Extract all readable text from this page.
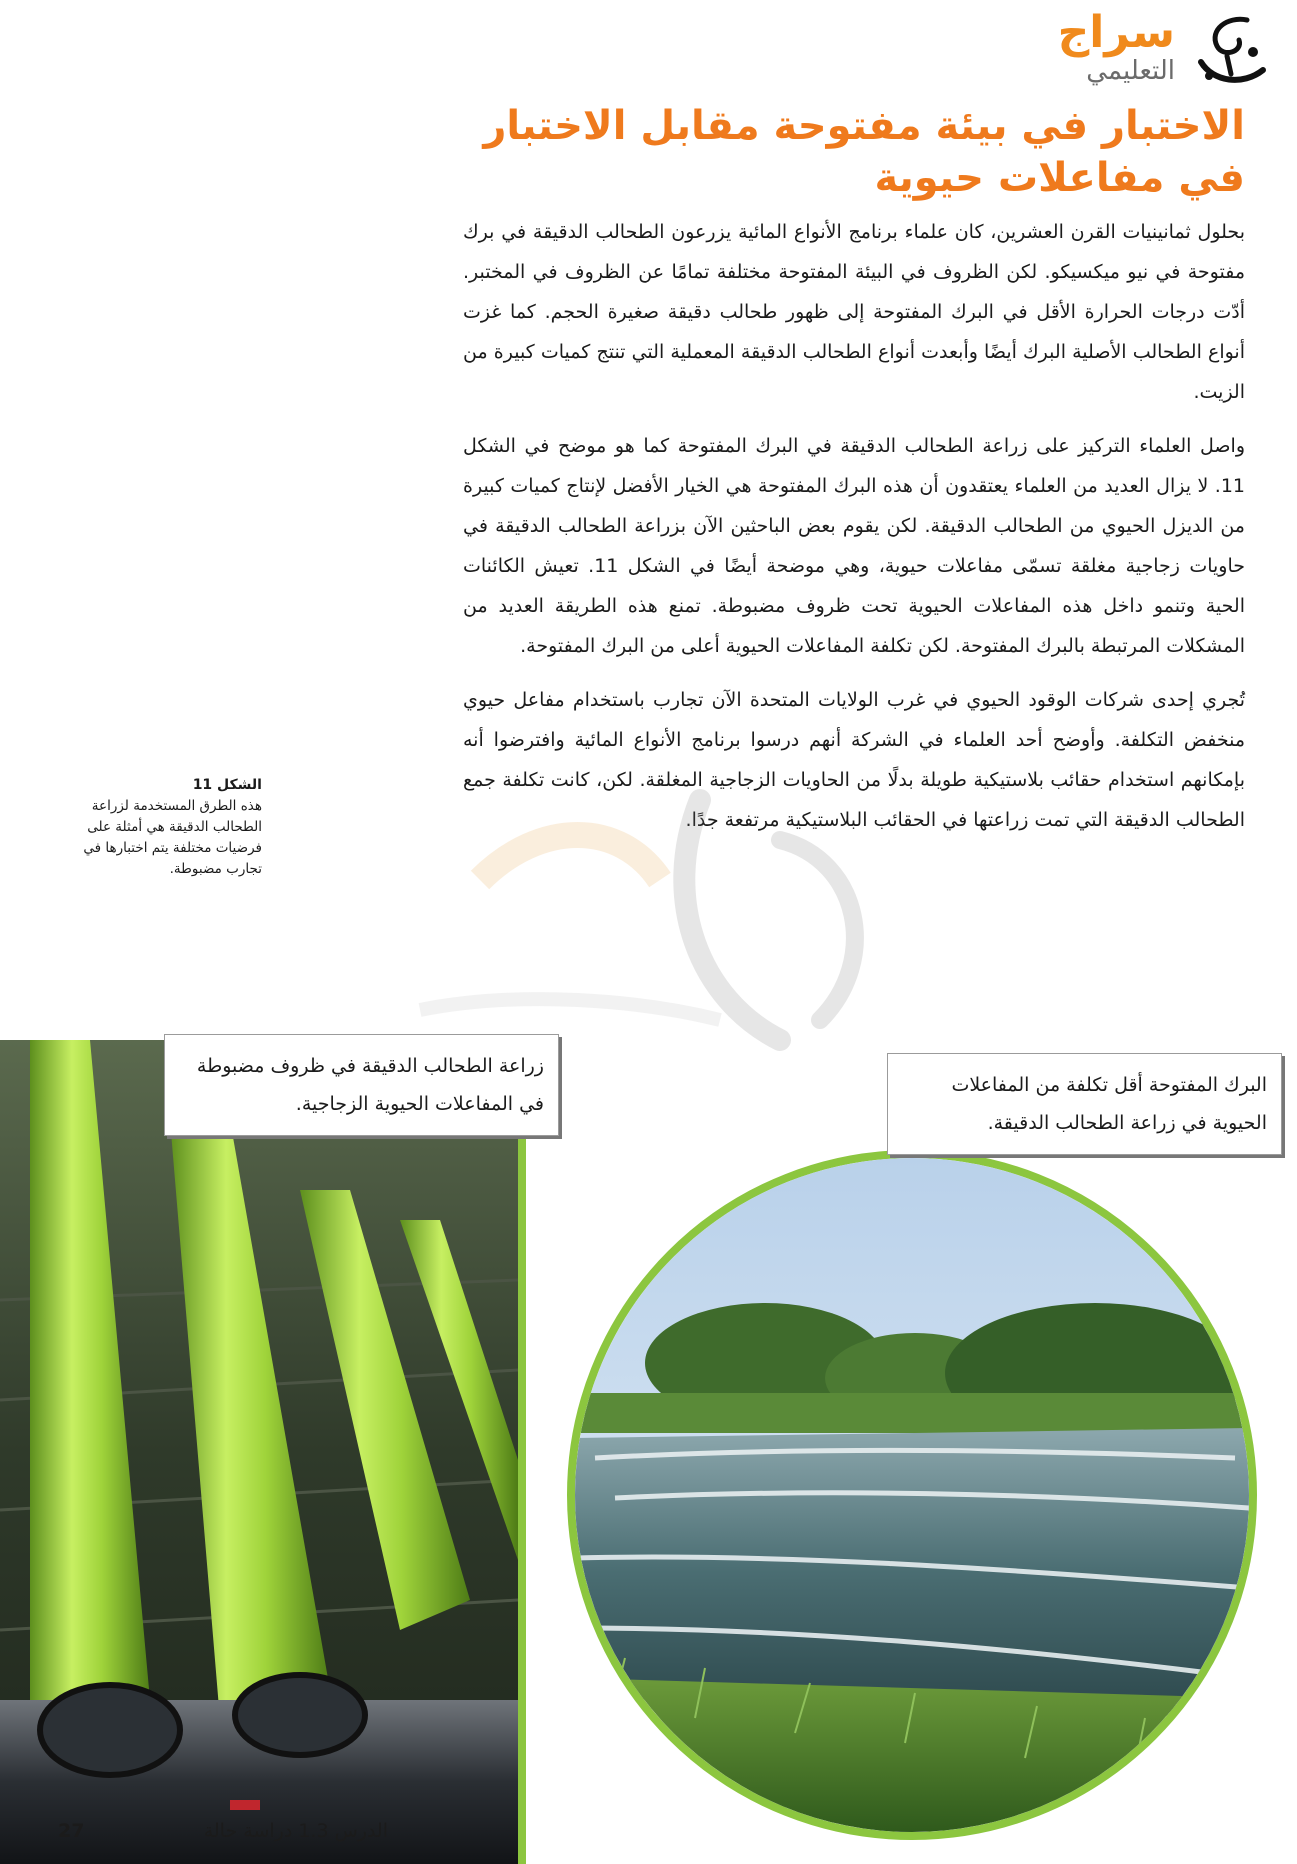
سراج
التعليمي
الاختبار في بيئة مفتوحة مقابل الاختبار في مفاعلات حيوية

بحلول ثمانينيات القرن العشرين، كان علماء برنامج الأنواع المائية يزرعون الطحالب الدقيقة في برك مفتوحة في نيو ميكسيكو. لكن الظروف في البيئة المفتوحة مختلفة تمامًا عن الظروف في المختبر. أدّت درجات الحرارة الأقل في البرك المفتوحة إلى ظهور طحالب دقيقة صغيرة الحجم. كما غزت أنواع الطحالب الأصلية البرك أيضًا وأبعدت أنواع الطحالب الدقيقة المعملية التي تنتج كميات كبيرة من الزيت.

واصل العلماء التركيز على زراعة الطحالب الدقيقة في البرك المفتوحة كما هو موضح في الشكل 11. لا يزال العديد من العلماء يعتقدون أن هذه البرك المفتوحة هي الخيار الأفضل لإنتاج كميات كبيرة من الديزل الحيوي من الطحالب الدقيقة. لكن يقوم بعض الباحثين الآن بزراعة الطحالب الدقيقة في حاويات زجاجية مغلقة تسمّى مفاعلات حيوية، وهي موضحة أيضًا في الشكل 11. تعيش الكائنات الحية وتنمو داخل هذه المفاعلات الحيوية تحت ظروف مضبوطة. تمنع هذه الطريقة العديد من المشكلات المرتبطة بالبرك المفتوحة. لكن تكلفة المفاعلات الحيوية أعلى من البرك المفتوحة.

تُجري إحدى شركات الوقود الحيوي في غرب الولايات المتحدة الآن تجارب باستخدام مفاعل حيوي منخفض التكلفة. وأوضح أحد العلماء في الشركة أنهم درسوا برنامج الأنواع المائية وافترضوا أنه بإمكانهم استخدام حقائب بلاستيكية طويلة بدلًا من الحاويات الزجاجية المغلقة. لكن، كانت تكلفة جمع الطحالب الدقيقة التي تمت زراعتها في الحقائب البلاستيكية مرتفعة جدًا.

الشكل 11
هذه الطرق المستخدمة لزراعة الطحالب الدقيقة هي أمثلة على فرضيات مختلفة يتم اختبارها في تجارب مضبوطة.
زراعة الطحالب الدقيقة في ظروف مضبوطة في المفاعلات الحيوية الزجاجية.
البرك المفتوحة أقل تكلفة من المفاعلات الحيوية في زراعة الطحالب الدقيقة.
27	الدرس 1.3 دراسة حالة
